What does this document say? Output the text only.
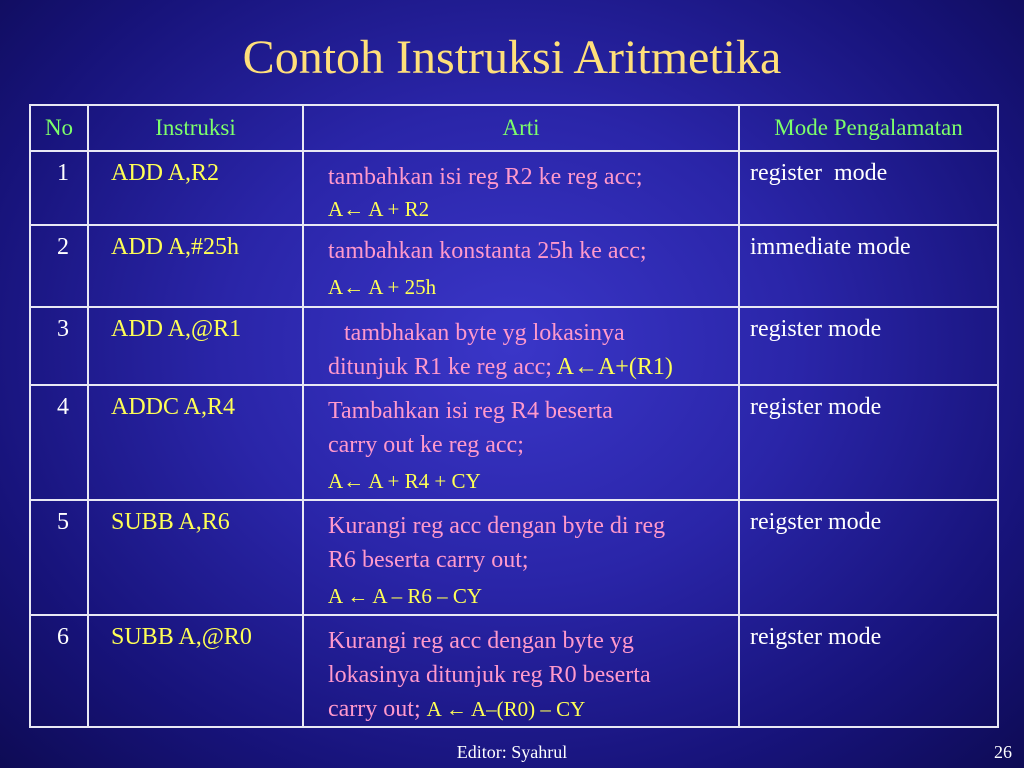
Contoh Instruksi Aritmetika
No	Instruksi	Arti	Mode Pengalamatan
1	ADD A,R2	tambahkan isi reg R2 ke reg acc;
A← A + R2	register  mode
2	ADD A,#25h	tambahkan konstanta 25h ke acc;
A← A + 25h	immediate mode
3	ADD A,@R1	tambhakan byte yg lokasinya
ditunjuk R1 ke reg acc; A←A+(R1)	register mode
4	ADDC A,R4	Tambahkan isi reg R4 beserta
carry out ke reg acc;
A← A + R4 + CY	register mode
5	SUBB A,R6	Kurangi reg acc dengan byte di reg
R6 beserta carry out;
A ← A – R6 – CY	reigster mode
6	SUBB A,@R0	Kurangi reg acc dengan byte yg
lokasinya ditunjuk reg R0 beserta
carry out; A ← A–(R0) – CY	reigster mode
Editor: Syahrul	26
